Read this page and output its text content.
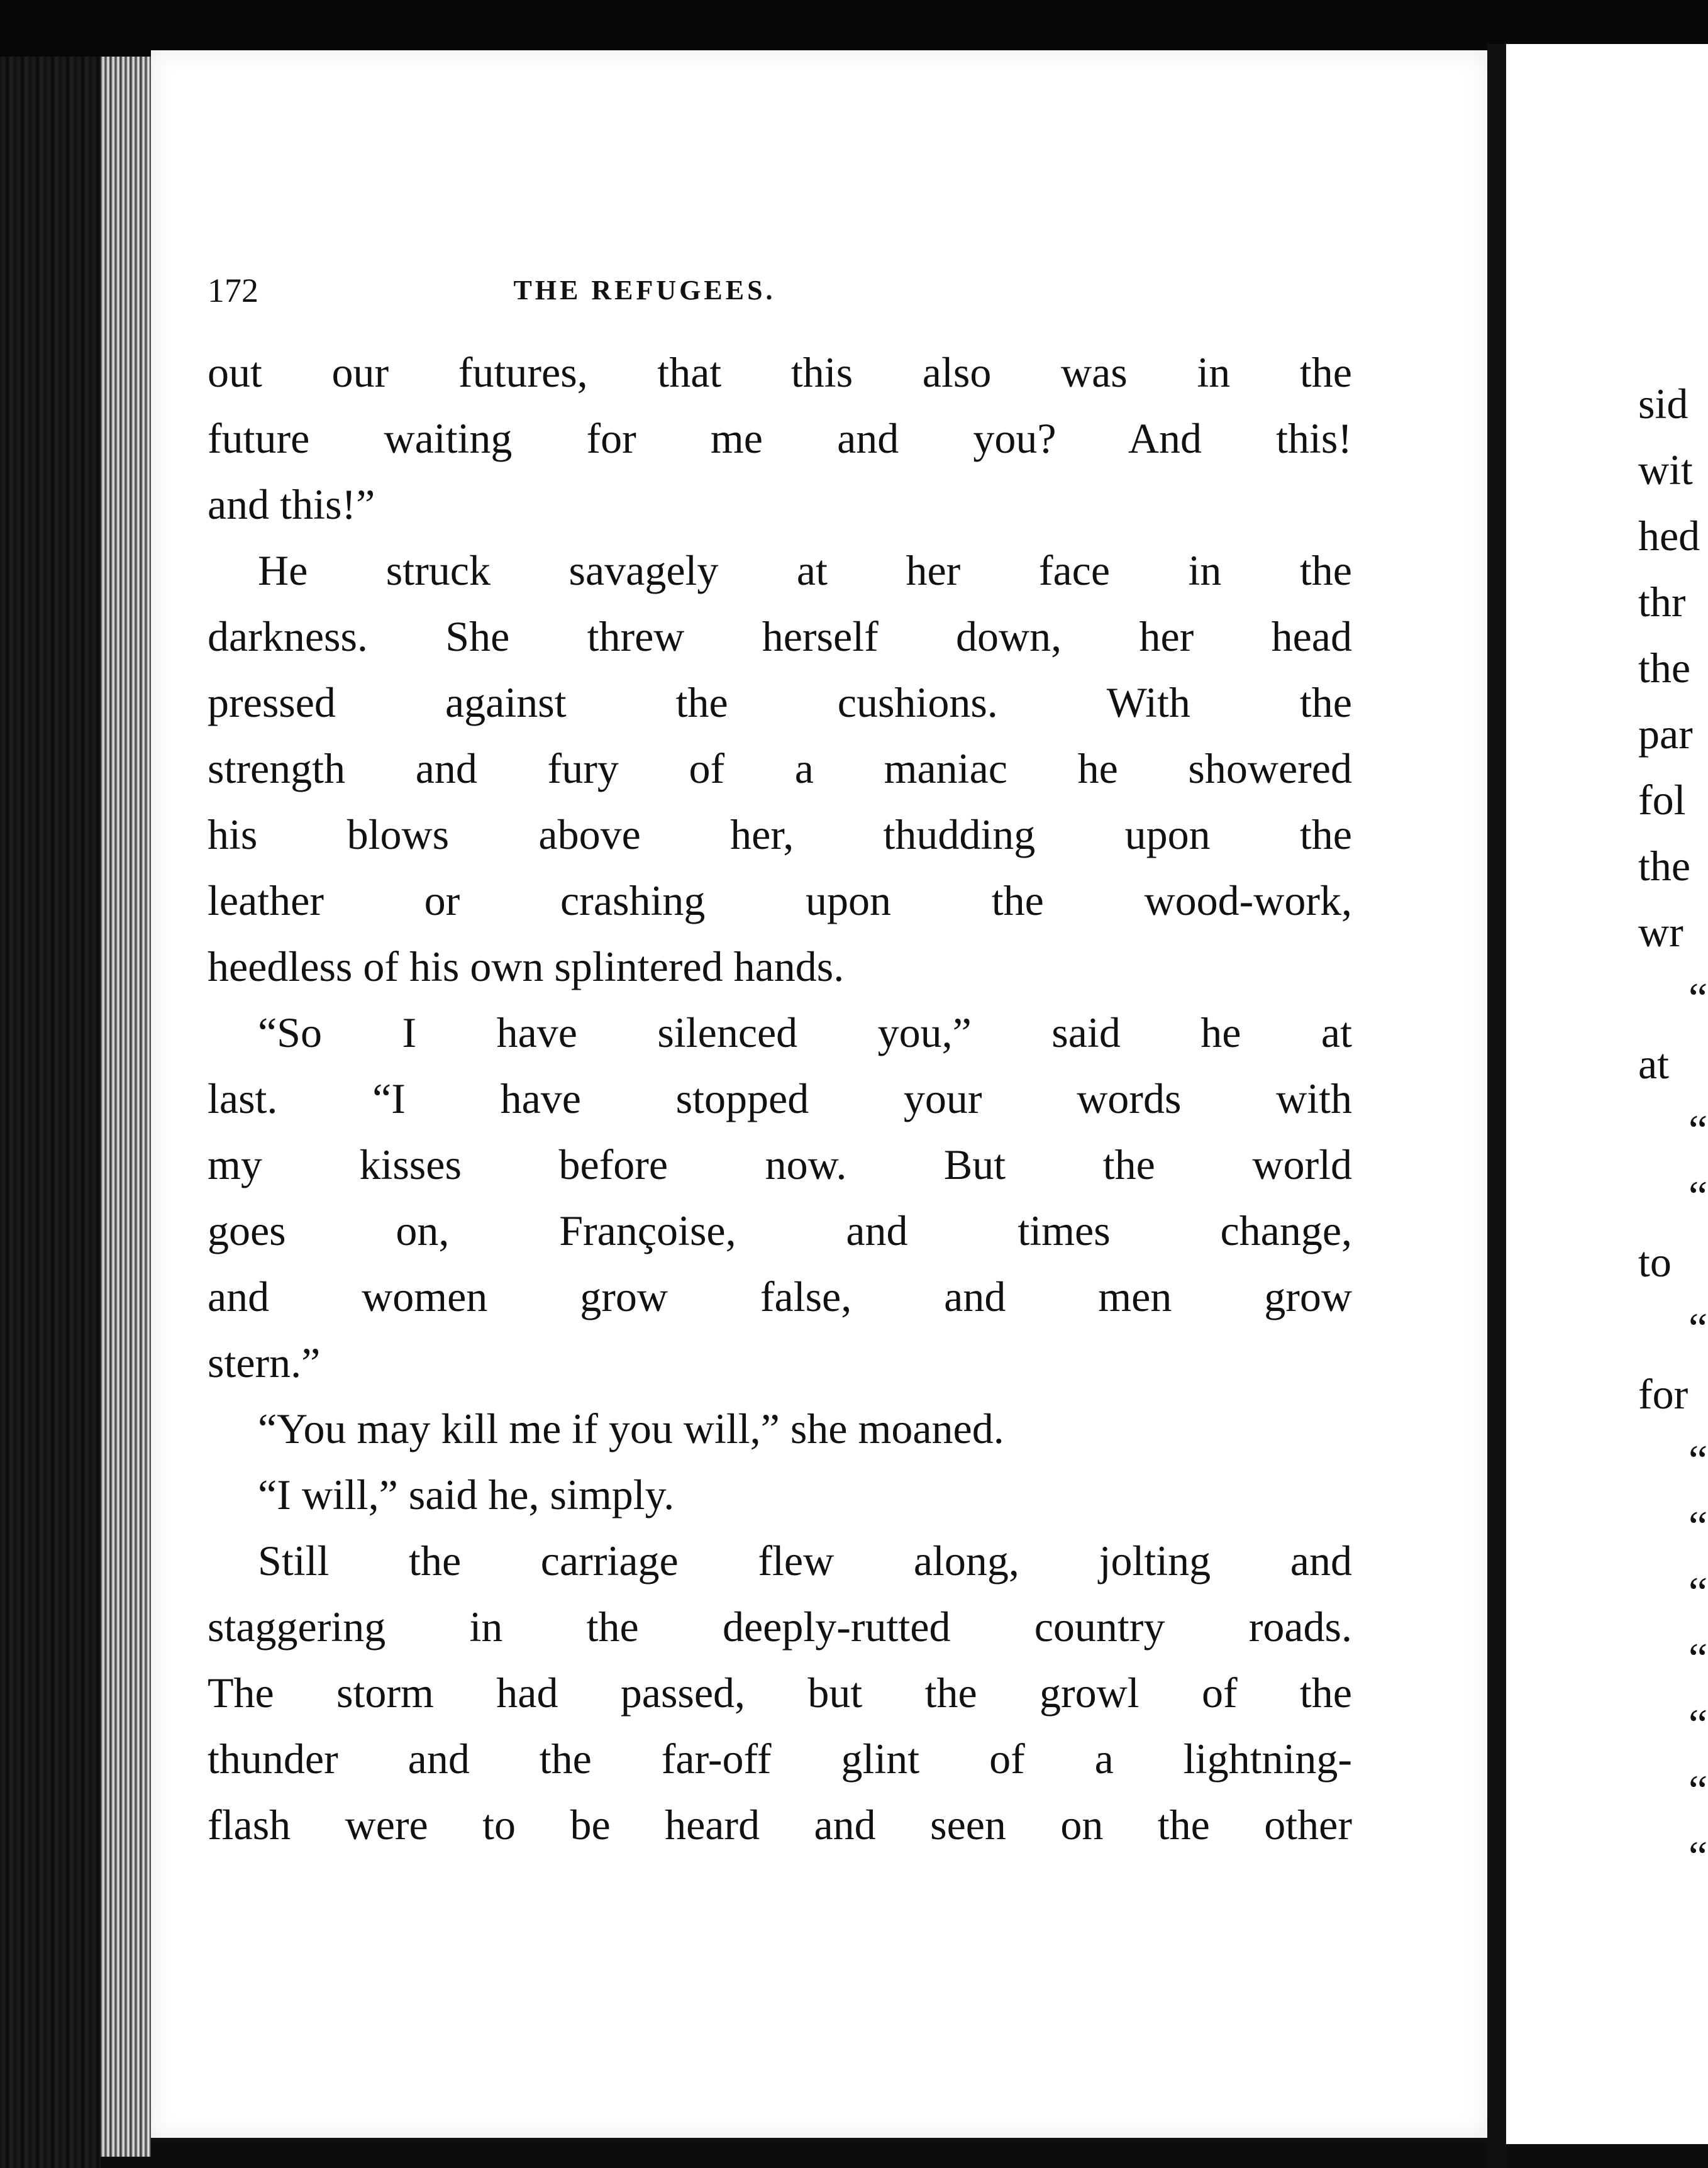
172	THE REFUGEES.
out our futures, that this also was in the
future waiting for me and you? And this!
and this!”
He struck savagely at her face in the
darkness. She threw herself down, her head
pressed against the cushions. With the
strength and fury of a maniac he showered
his blows above her, thudding upon the
leather or crashing upon the wood-work,
heedless of his own splintered hands.
“So I have silenced you,” said he at
last. “I have stopped your words with
my kisses before now. But the world
goes on, Françoise, and times change,
and women grow false, and men grow
stern.”
“You may kill me if you will,” she moaned.
“I will,” said he, simply.
Still the carriage flew along, jolting and
staggering in the deeply-rutted country roads.
The storm had passed, but the growl of the
thunder and the far-off glint of a lightning-
flash were to be heard and seen on the other
sid
wit
hed
thr
the
par
fol
the
wr
“
at
“
“
to
“
for
“
“
“
“
“
“
“
